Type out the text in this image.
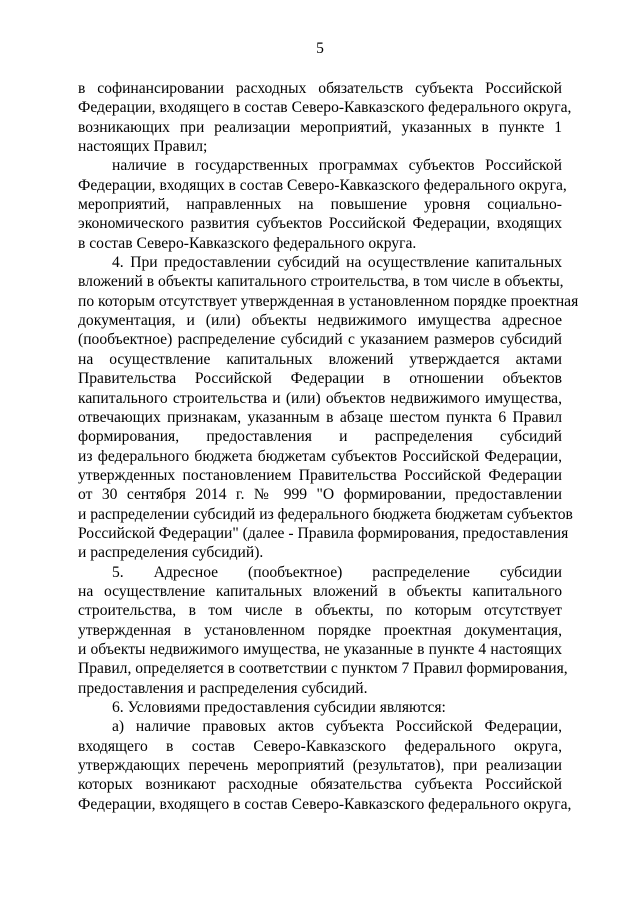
5
в софинансировании расходных обязательств субъекта Российской
Федерации, входящего в состав Северо-Кавказского федерального округа,
возникающих при реализации мероприятий, указанных в пункте 1
настоящих Правил;
наличие в государственных программах субъектов Российской
Федерации, входящих в состав Северо-Кавказского федерального округа,
мероприятий, направленных на повышение уровня социально-
экономического развития субъектов Российской Федерации, входящих
в состав Северо-Кавказского федерального округа.
4. При предоставлении субсидий на осуществление капитальных
вложений в объекты капитального строительства, в том числе в объекты,
по которым отсутствует утвержденная в установленном порядке проектная
документация, и (или) объекты недвижимого имущества адресное
(пообъектное) распределение субсидий с указанием размеров субсидий
на осуществление капитальных вложений утверждается актами
Правительства Российской Федерации в отношении объектов
капитального строительства и (или) объектов недвижимого имущества,
отвечающих признакам, указанным в абзаце шестом пункта 6 Правил
формирования, предоставления и распределения субсидий
из федерального бюджета бюджетам субъектов Российской Федерации,
утвержденных постановлением Правительства Российской Федерации
от 30 сентября 2014 г. № 999 "О формировании, предоставлении
и распределении субсидий из федерального бюджета бюджетам субъектов
Российской Федерации" (далее - Правила формирования, предоставления
и распределения субсидий).
5. Адресное (пообъектное) распределение субсидии
на осуществление капитальных вложений в объекты капитального
строительства, в том числе в объекты, по которым отсутствует
утвержденная в установленном порядке проектная документация,
и объекты недвижимого имущества, не указанные в пункте 4 настоящих
Правил, определяется в соответствии с пунктом 7 Правил формирования,
предоставления и распределения субсидий.
6. Условиями предоставления субсидии являются:
а) наличие правовых актов субъекта Российской Федерации,
входящего в состав Северо-Кавказского федерального округа,
утверждающих перечень мероприятий (результатов), при реализации
которых возникают расходные обязательства субъекта Российской
Федерации, входящего в состав Северо-Кавказского федерального округа,
